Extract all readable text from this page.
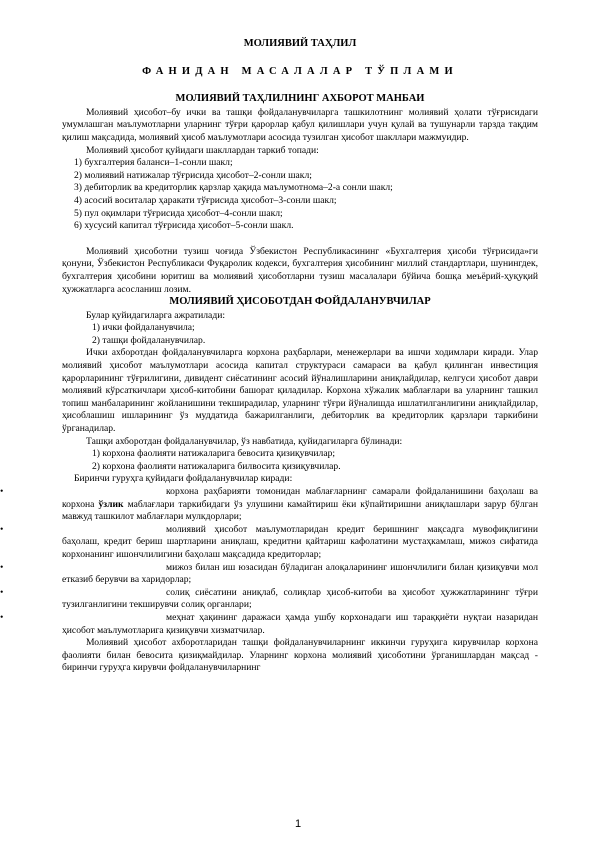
МОЛИЯВИЙ ТАҲЛИЛ

ФАНИДАН МАСАЛАЛАР ТЎПЛАМИ

МОЛИЯВИЙ ТАҲЛИЛНИНГ АХБОРОТ МАНБАИ

Молиявий ҳисобот–бу ички ва ташқи фойдаланувчиларга ташкилотнинг молиявий ҳолати тўғрисидаги умумлашган маълумотларни уларнинг тўғри қарорлар қабул қилишлари учун қулай ва тушунарли тарзда тақдим қилиш мақсадида, молиявий ҳисоб маълумотлари асосида тузилган ҳисобот шакллари мажмуидир.

Молиявий ҳисобот қуйидаги шакллардан таркиб топади:

1) бухгалтерия баланси–1-сонли шакл;

2) молиявий натижалар тўғрисида ҳисобот–2-сонли шакл;

3) дебиторлик ва кредиторлик қарзлар ҳақида маълумотнома–2-а сонли шакл;

4) асосий воситалар ҳаракати тўғрисида ҳисобот–3-сонли шакл;

5) пул оқимлари тўғрисида ҳисобот–4-сонли шакл;

6) хусусий капитал тўғрисида ҳисобот–5-сонли шакл.

Молиявий ҳисоботни тузиш чоғида Ўзбекистон Республикасининг «Бухгалтерия ҳисоби тўғрисида»ги қонуни, Ўзбекистон Республикаси Фуқаролик кодекси, бухгалтерия ҳисобининг миллий стандартлари, шунингдек, бухгалтерия ҳисобини юритиш ва молиявий ҳисоботларни тузиш масалалари бўйича бошқа меъёрий-ҳуқуқий ҳужжатларга асосланиш лозим.

МОЛИЯВИЙ ҲИСОБОТДАН ФОЙДАЛАНУВЧИЛАР

Булар қуйидагиларга ажратилади:

1) ички фойдаланувчила;

2) ташқи фойдаланувчилар.

Ички ахборотдан фойдаланувчиларга корхона раҳбарлари, менежерлари ва ишчи ходимлари киради. Улар молиявий ҳисобот маълумотлари асосида капитал структураси самараси ва қабул қилинган инвестиция қарорларининг тўғрилигини, дивидент сиёсатининг асосий йўналишларини аниқлайдилар, келгуси ҳисобот даври молиявий кўрсаткичлари ҳисоб-китобини башорат қиладилар. Корхона хўжалик маблағлари ва уларнинг ташкил топиш манбаларининг жойланишини текширадилар, уларнинг тўғри йўналишда ишлатилганлигини аниқлайдилар, ҳисоблашиш ишларининг ўз муддатида бажарилганлиги, дебиторлик ва кредиторлик қарзлари таркибини ўрганадилар.

Ташқи ахборотдан фойдаланувчилар, ўз навбатида, қуйидагиларга бўлинади:

1) корхона фаолияти натижаларига бевосита қизиқувчилар;

2) корхона фаолияти натижаларига билвосита қизиқувчилар.

Биринчи гуруҳга қуйидаги фойдаланувчилар киради:

•	корхона раҳбарияти томонидан маблағларнинг самарали фойдаланишини баҳолаш ва корхона ўзлик маблағлари таркибидаги ўз улушини камайтириш ёки кўпайтиришни аниқлашлари зарур бўлган мавжуд ташкилот маблағлари мулкдорлари;

•	молиявий ҳисобот маълумотларидан кредит беришнинг мақсадга мувофиқлигини баҳолаш, кредит бериш шартларини аниқлаш, кредитни қайтариш кафолатини мустаҳкамлаш, мижоз сифатида корхонанинг ишончлилигини баҳолаш мақсадида кредиторлар;

•	мижоз билан иш юзасидан бўладиган алоқаларининг ишончлилиги билан қизиқувчи мол етказиб берувчи ва харидорлар;

•	солиқ сиёсатини аниқлаб, солиқлар ҳисоб-китоби ва ҳисобот ҳужжатларининг тўғри тузилганлигини текширувчи солиқ органлари;

•	меҳнат ҳақининг даражаси ҳамда ушбу корхонадаги иш тараққиёти нуқтаи назаридан ҳисобот маълумотларига қизиқувчи хизматчилар.

Молиявий ҳисобот ахборотларидан ташқи фойдаланувчиларнинг иккинчи гуруҳига кирувчилар корхона фаолияти билан бевосита қизиқмайдилар. Уларнинг корхона молиявий ҳисоботини ўрганишлардан мақсад - биринчи гуруҳга кирувчи фойдаланувчиларнинг

1
